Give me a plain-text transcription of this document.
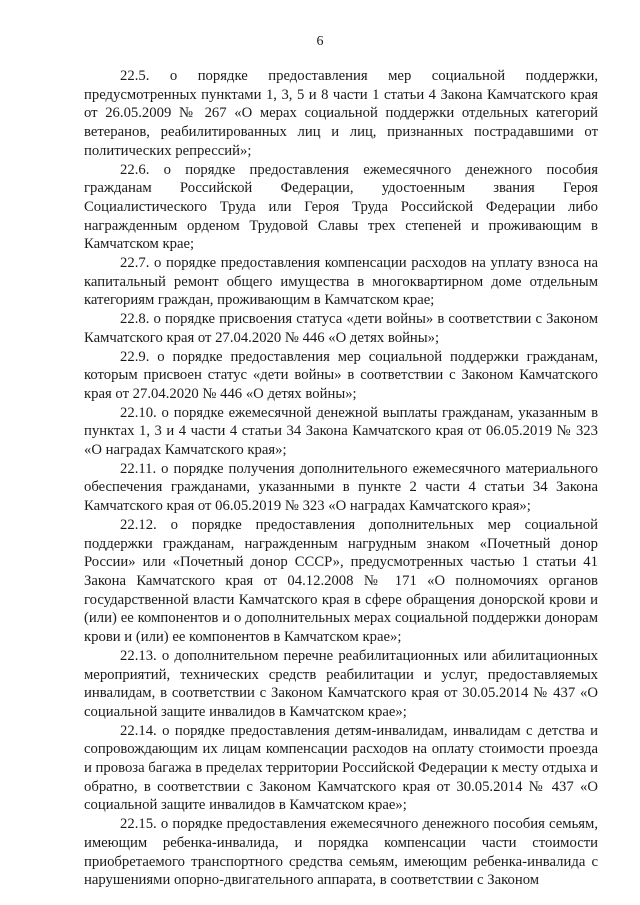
6

22.5. о порядке предоставления мер социальной поддержки, предусмотренных пунктами 1, 3, 5 и 8 части 1 статьи 4 Закона Камчатского края от 26.05.2009 № 267 «О мерах социальной поддержки отдельных категорий ветеранов, реабилитированных лиц и лиц, признанных пострадавшими от политических репрессий»;

22.6. о порядке предоставления ежемесячного денежного пособия гражданам Российской Федерации, удостоенным звания Героя Социалистического Труда или Героя Труда Российской Федерации либо награжденным орденом Трудовой Славы трех степеней и проживающим в Камчатском крае;

22.7. о порядке предоставления компенсации расходов на уплату взноса на капитальный ремонт общего имущества в многоквартирном доме отдельным категориям граждан, проживающим в Камчатском крае;

22.8. о порядке присвоения статуса «дети войны» в соответствии с Законом Камчатского края от 27.04.2020 № 446 «О детях войны»;

22.9. о порядке предоставления мер социальной поддержки гражданам, которым присвоен статус «дети войны» в соответствии с Законом Камчатского края от 27.04.2020 № 446 «О детях войны»;

22.10. о порядке ежемесячной денежной выплаты гражданам, указанным в пунктах 1, 3 и 4 части 4 статьи 34 Закона Камчатского края от 06.05.2019 № 323 «О наградах Камчатского края»;

22.11. о порядке получения дополнительного ежемесячного материального обеспечения гражданами, указанными в пункте 2 части 4 статьи 34 Закона Камчатского края от 06.05.2019 № 323 «О наградах Камчатского края»;

22.12. о порядке предоставления дополнительных мер социальной поддержки гражданам, награжденным нагрудным знаком «Почетный донор России» или «Почетный донор СССР», предусмотренных частью 1 статьи 41 Закона Камчатского края от 04.12.2008 № 171 «О полномочиях органов государственной власти Камчатского края в сфере обращения донорской крови и (или) ее компонентов и о дополнительных мерах социальной поддержки донорам крови и (или) ее компонентов в Камчатском крае»;

22.13. о дополнительном перечне реабилитационных или абилитационных мероприятий, технических средств реабилитации и услуг, предоставляемых инвалидам, в соответствии с Законом Камчатского края от 30.05.2014 № 437 «О социальной защите инвалидов в Камчатском крае»;

22.14. о порядке предоставления детям-инвалидам, инвалидам с детства и сопровождающим их лицам компенсации расходов на оплату стоимости проезда и провоза багажа в пределах территории Российской Федерации к месту отдыха и обратно, в соответствии с Законом Камчатского края от 30.05.2014 № 437 «О социальной защите инвалидов в Камчатском крае»;

22.15. о порядке предоставления ежемесячного денежного пособия семьям, имеющим ребенка-инвалида, и порядка компенсации части стоимости приобретаемого транспортного средства семьям, имеющим ребенка-инвалида с нарушениями опорно-двигательного аппарата, в соответствии с Законом
